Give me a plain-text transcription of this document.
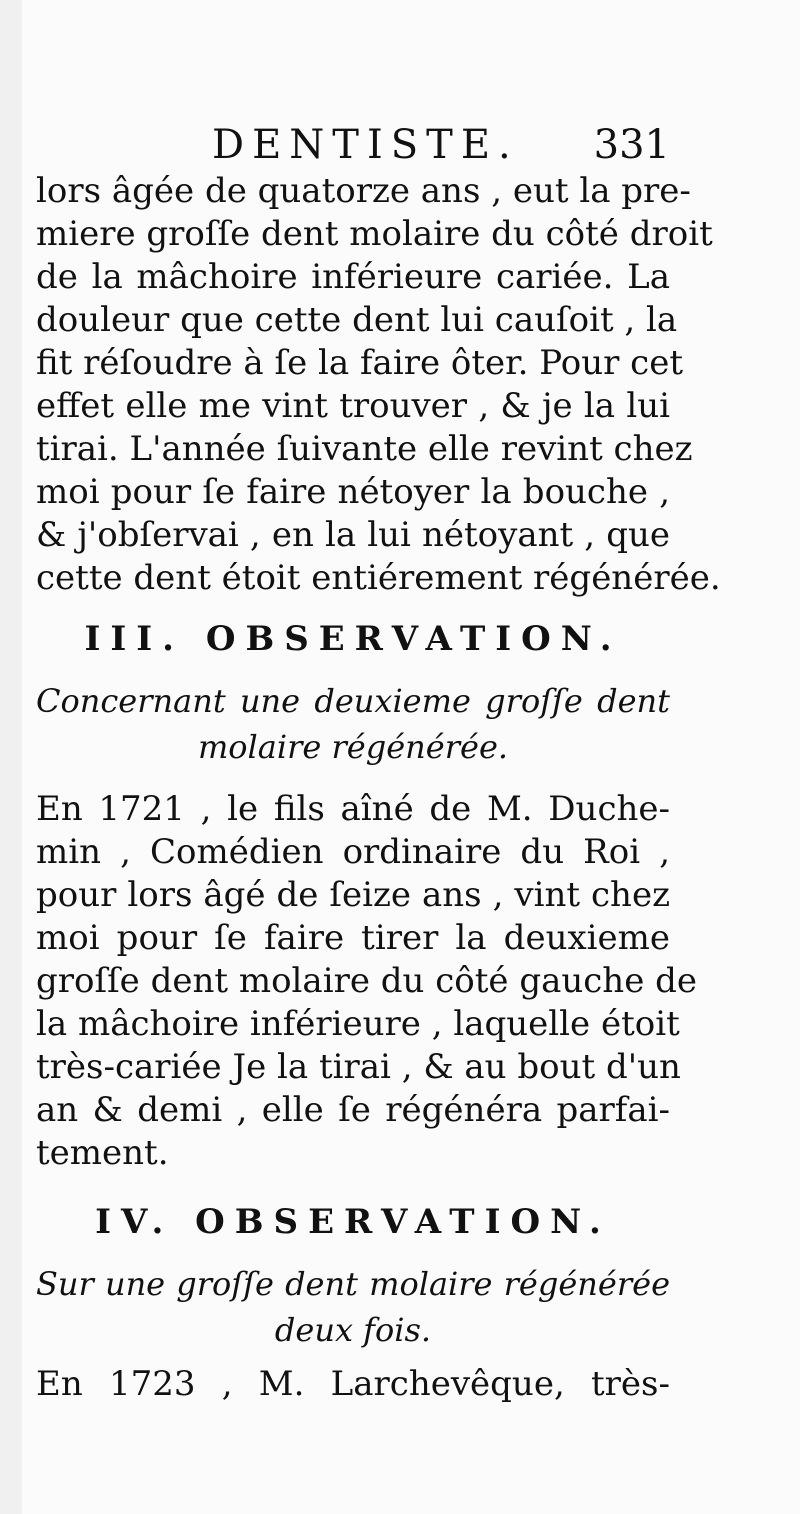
DENTISTE. 331

lors âgée de quatorze ans , eut la pre-

miere groſſe dent molaire du côté droit

de la mâchoire inférieure cariée. La

douleur que cette dent lui cauſoit , la

fit réſoudre à ſe la faire ôter. Pour cet

effet elle me vint trouver , & je la lui

tirai. L'année ſuivante elle revint chez

moi pour ſe faire nétoyer la bouche ,

& j'obſervai , en la lui nétoyant , que

cette dent étoit entiérement régénérée.

III. OBSERVATION.

Concernant une deuxieme groſſe dent

molaire régénérée.

En 1721 , le fils aîné de M. Duche-

min , Comédien ordinaire du Roi ,

pour lors âgé de ſeize ans , vint chez

moi pour ſe faire tirer la deuxieme

groſſe dent molaire du côté gauche de

la mâchoire inférieure , laquelle étoit

très-cariée Je la tirai , & au bout d'un

an & demi , elle ſe régénéra parfai-

tement.

IV. OBSERVATION.

Sur une groſſe dent molaire régénérée

deux fois.

En 1723 , M. Larchevêque, très-
